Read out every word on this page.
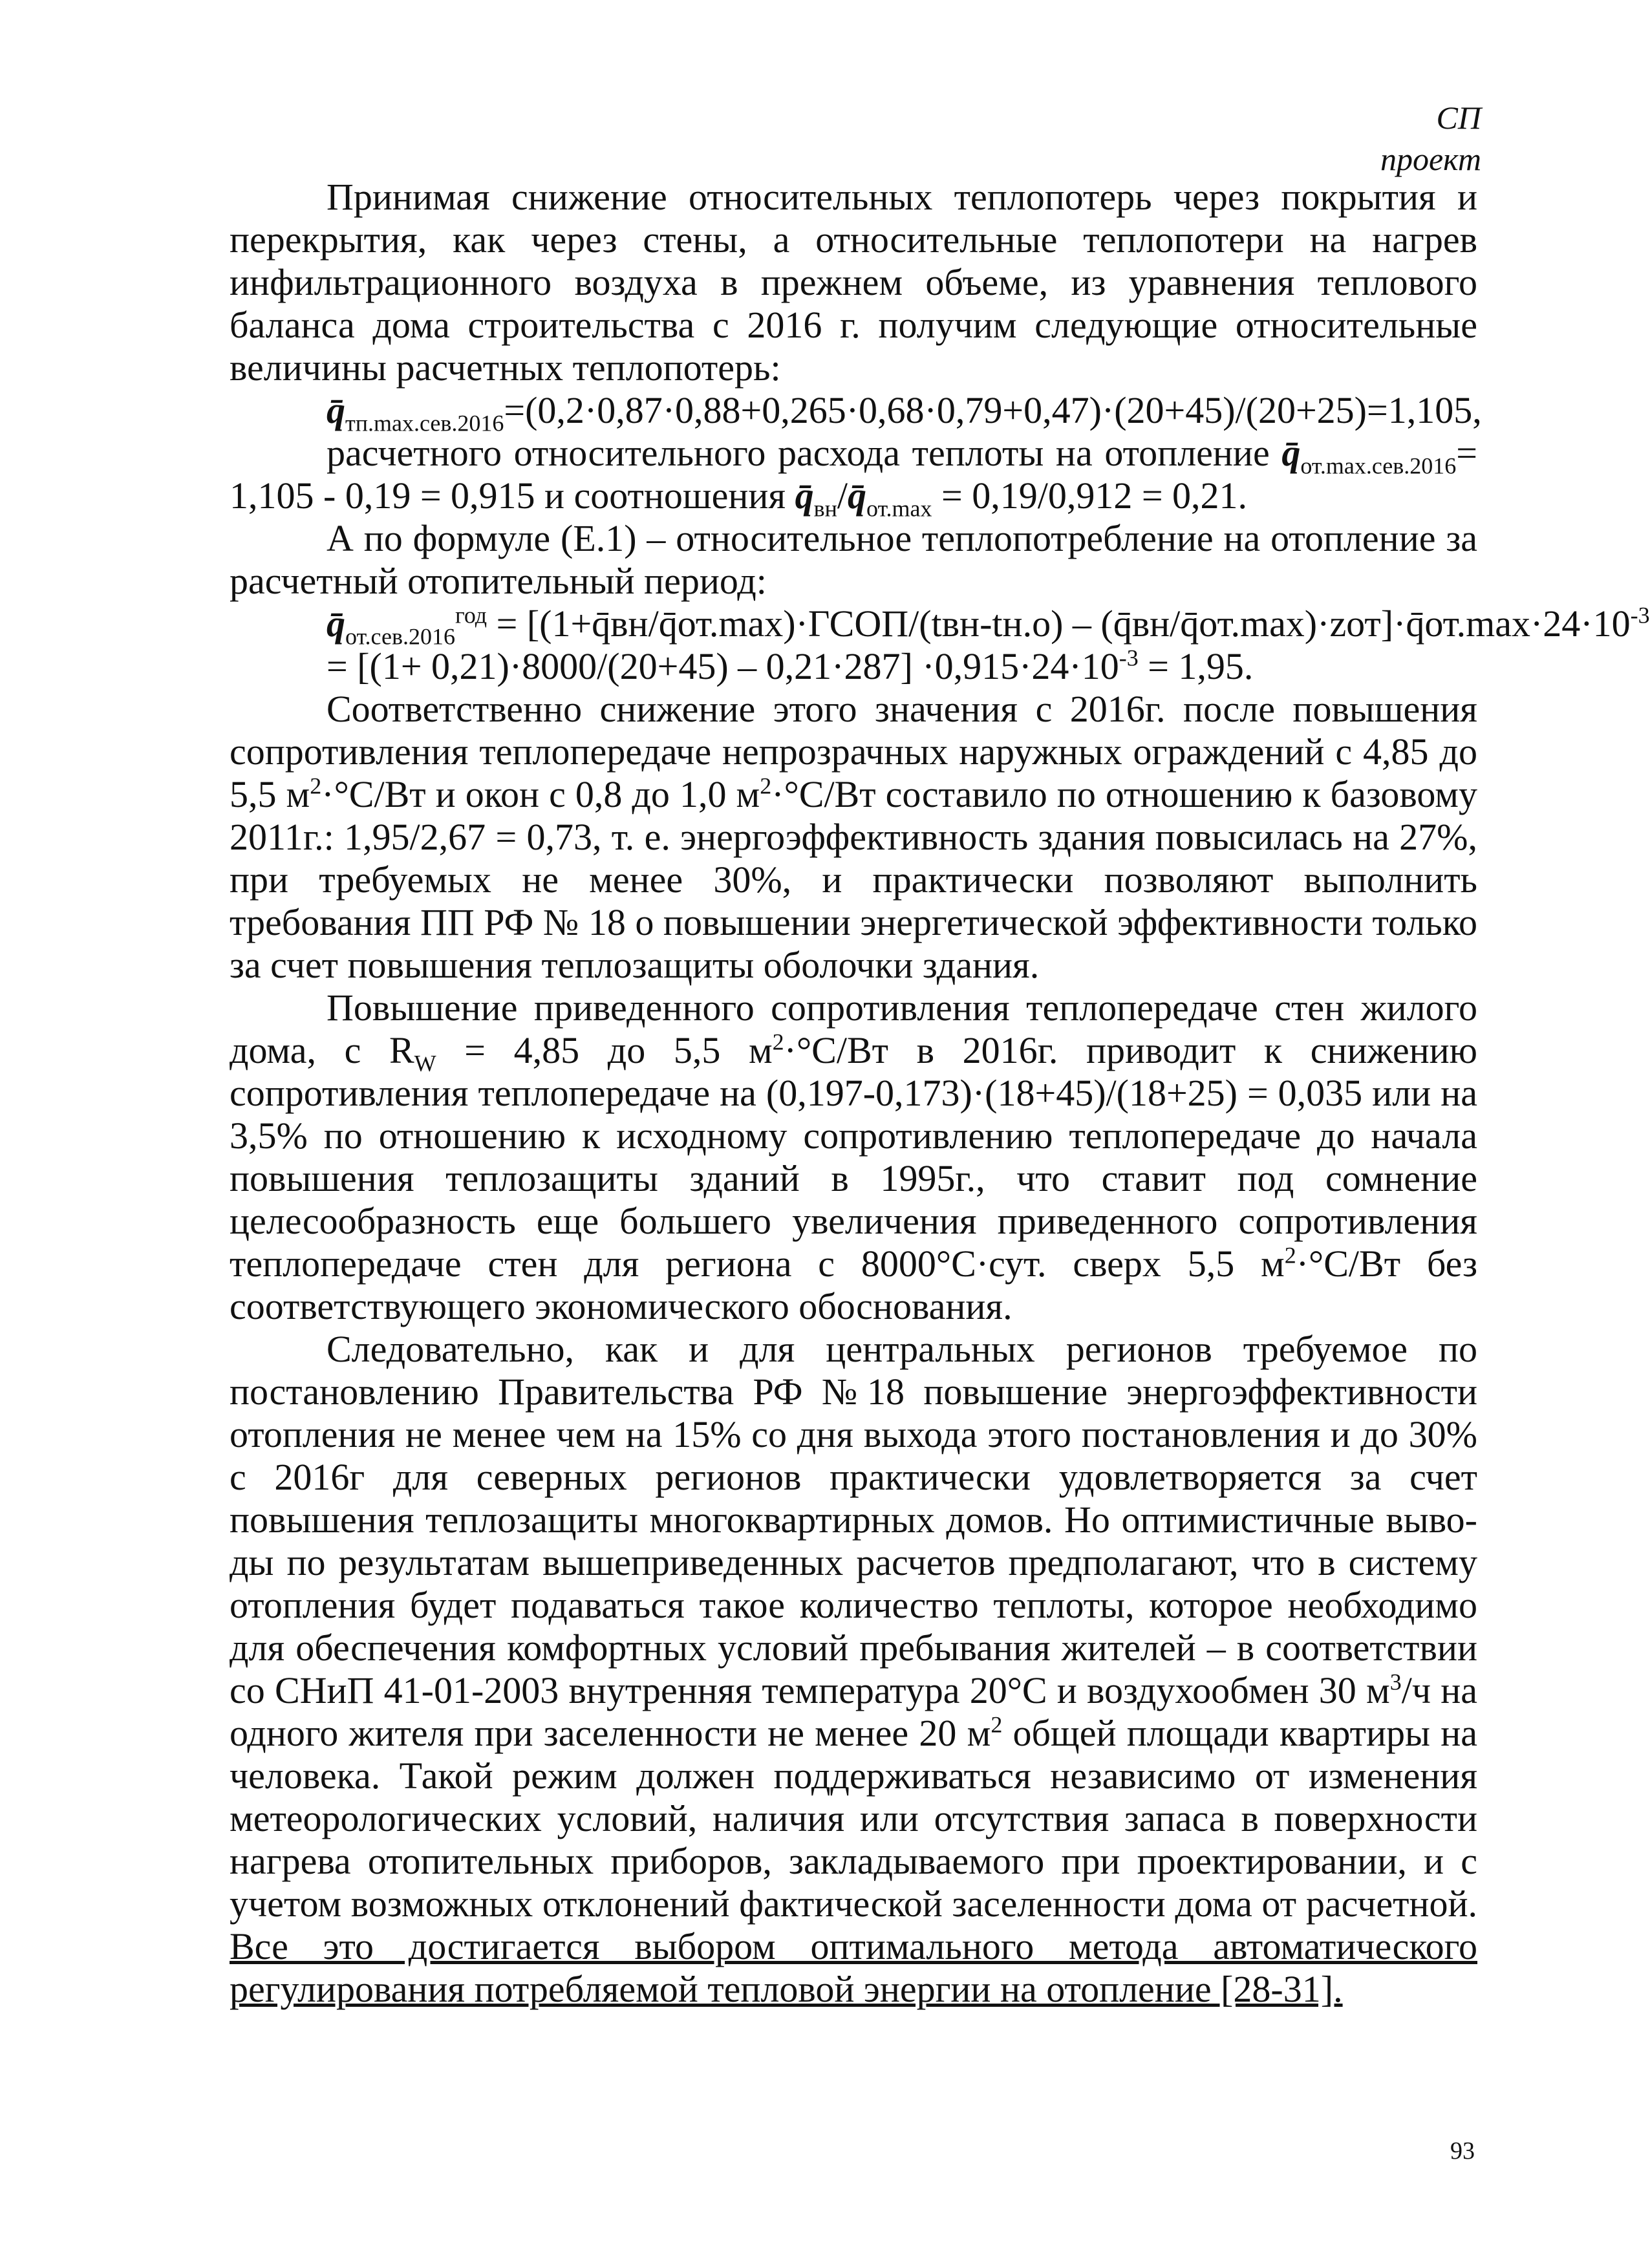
СП
проект

Принимая снижение относительных теплопотерь через покрытия и перекрытия, как через стены, а относительные теплопотери на нагрев инфильтрационного воздуха в прежнем объеме, из уравнения теплового баланса дома строительства с 2016 г. получим следующие относительные величины расчетных теплопотерь:

$q̄_{тп.max.сев.2016}=(0,2\cdot 0,87\cdot 0,88+0,265\cdot 0,68\cdot 0,79+0,47)\cdot(20+45)/(20+25)=1,105$,

расчетного относительного расхода теплоты на отопление $q̄_{от.max.сев.2016}= 1,105 - 0,19 = 0,915$ и соотношения $q̄_{вн}/q̄_{от.max} = 0,19/0,912 = 0,21$.

А по формуле (Е.1) – относительное теплопотребление на отопление за расчетный отопительный период:

$q̄_{от.сев.2016}^{год}$ = [(1+q̄вн/q̄от.max)·ГСОП/(tвн-tн.о) – $(q̄вн/q̄от.\max)\cdot zот]\cdot q̄от.\max\cdot 24\cdot 10^{-3}$
= $[(1+ 0,21)\cdot 8000/(20+45) - 0,21\cdot 287] \cdot 0,915\cdot 24\cdot 10^{-3} = 1,95$.

Соответственно снижение этого значения с 2016г. после повышения сопротивления теплопередаче непрозрачных наружных ограждений с 4,85 до 5,5 $м^2\cdot^\circ С/Вт$ и окон с 0,8 до 1,0 $м^2\cdot^\circ С/Вт$ составило по отношению к базовому 2011г.: 1,95/2,67 = 0,73, т. е. энергоэффективность здания повысилась на 27%, при требуемых не менее 30%, и практически позволяют выполнить требования ПП РФ № 18 о повышении энергетической эффективности только за счет повышения теплозащиты оболочки здания.

Повышение приведенного сопротивления теплопередаче стен жилого дома, с $R_W = 4,85$ до 5,5 $м^2\cdot^\circ С/Вт$ в 2016г. приводит к снижению сопротивления теплопередаче на (0,197-0,173)·(18+45)/(18+25) = 0,035 или на 3,5% по отношению к исходному сопротивлению теплопередаче до начала повышения теплозащиты зданий в 1995г., что ставит под сомнение целесообразность еще большего увеличения приведенного сопротивления теплопередаче стен для региона с 8000°С·сут. сверх 5,5 $м^2\cdot^\circ С/Вт$ без соответствующего экономического обоснования.

Следовательно, как и для центральных регионов требуемое по постановлению Правительства РФ №18 повышение энергоэффективности отопления не менее чем на 15% со дня выхода этого постановления и до 30% с 2016г для северных регионов практически удовлетворяется за счет повышения теплозащиты многоквартирных домов. Но оптимистичные выво-ды по результатам вышеприведенных расчетов предполагают, что в систему отопления будет подаваться такое количество теплоты, которое необходимо для обеспечения комфортных условий пребывания жителей – в соответствии со СНиП 41-01-2003 внутренняя температура 20°С и воздухообмен 30 $м^3/ч$ на одного жителя при заселенности не менее 20 $м^2$ общей площади квартиры на человека. Такой режим должен поддерживаться независимо от изменения метеорологических условий, наличия или отсутствия запаса в поверхности нагрева отопительных приборов, закладываемого при проектировании, и с учетом возможных отклонений фактической заселенности дома от расчетной. Все это достигается выбором оптимального метода автоматического регулирования потребляемой тепловой энергии на отопление [28-31].

93
